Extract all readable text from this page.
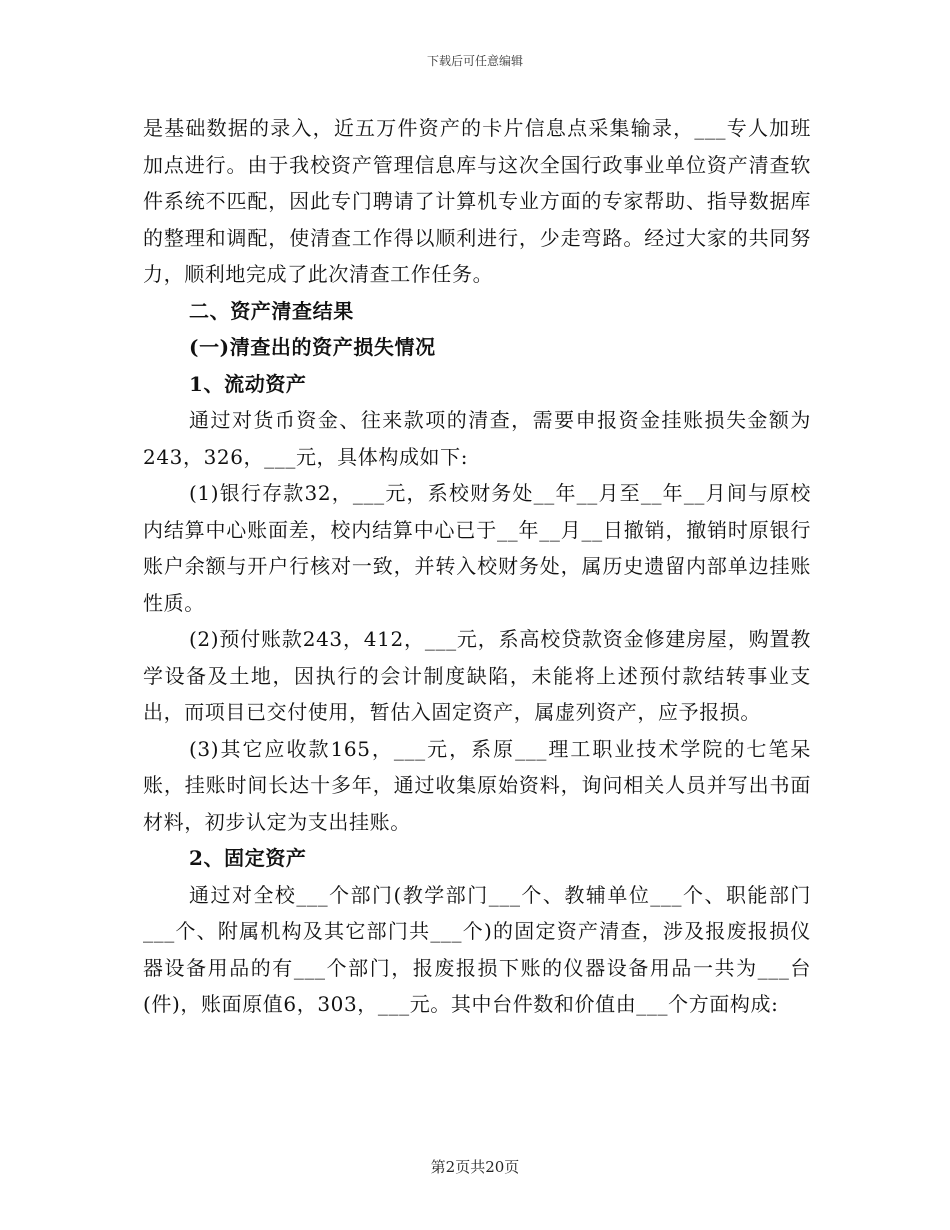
下载后可任意编辑

是基础数据的录入，近五万件资产的卡片信息点采集输录，___专人加班加点进行。由于我校资产管理信息库与这次全国行政事业单位资产清查软件系统不匹配，因此专门聘请了计算机专业方面的专家帮助、指导数据库的整理和调配，使清查工作得以顺利进行，少走弯路。经过大家的共同努力，顺利地完成了此次清查工作任务。

二、资产清查结果

(一)清查出的资产损失情况

1、流动资产

通过对货币资金、往来款项的清查，需要申报资金挂账损失金额为243，326，___元，具体构成如下:

(1)银行存款32，___元，系校财务处__年__月至__年__月间与原校内结算中心账面差，校内结算中心已于__年__月__日撤销，撤销时原银行账户余额与开户行核对一致，并转入校财务处，属历史遗留内部单边挂账性质。

(2)预付账款243，412，___元，系高校贷款资金修建房屋，购置教学设备及土地，因执行的会计制度缺陷，未能将上述预付款结转事业支出，而项目已交付使用，暂估入固定资产，属虚列资产，应予报损。

(3)其它应收款165，___元，系原___理工职业技术学院的七笔呆账，挂账时间长达十多年，通过收集原始资料，询问相关人员并写出书面材料，初步认定为支出挂账。

2、固定资产

通过对全校___个部门(教学部门___个、教辅单位___个、职能部门___个、附属机构及其它部门共___个)的固定资产清查，涉及报废报损仪器设备用品的有___个部门，报废报损下账的仪器设备用品一共为___台(件)，账面原值6，303，___元。其中台件数和价值由___个方面构成:

第2页共20页
